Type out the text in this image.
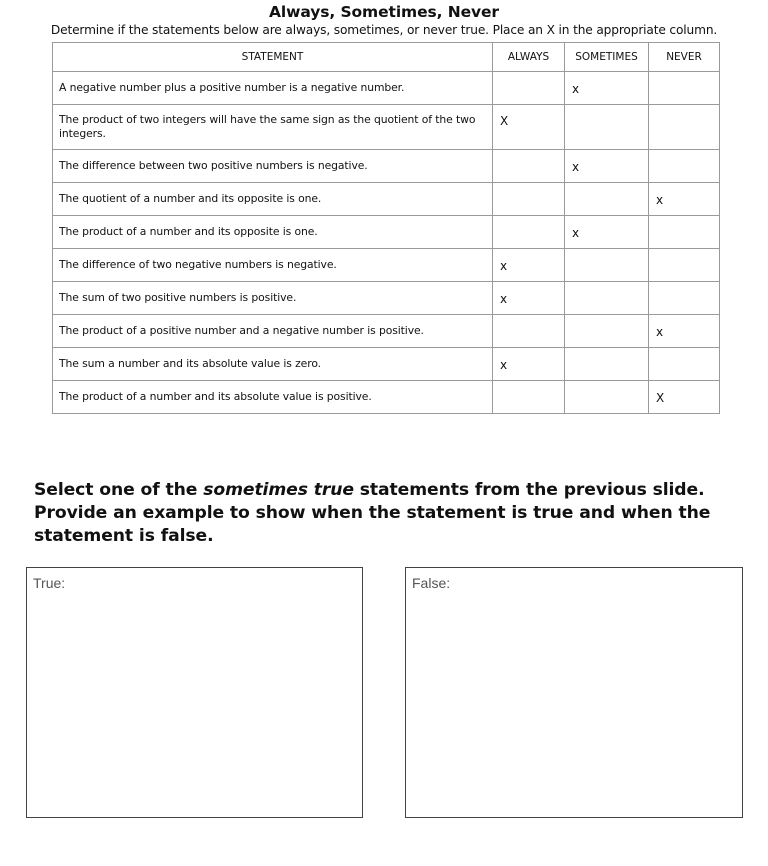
Always, Sometimes, Never
Determine if the statements below are always, sometimes, or never true. Place an X in the appropriate column.
STATEMENT	ALWAYS	SOMETIMES	NEVER
A negative number plus a positive number is a negative number.		x	
The product of two integers will have the same sign as the quotient of the two integers.	X		
The difference between two positive numbers is negative.		x	
The quotient of a number and its opposite is one.			x
The product of a number and its opposite is one.		x	
The difference of two negative numbers is negative.	x		
The sum of two positive numbers is positive.	x		
The product of a positive number and a negative number is positive.			x
The sum a number and its absolute value is zero.	x		
The product of a number and its absolute value is positive.			X
Select one of the sometimes true statements from the previous slide. Provide an example to show when the statement is true and when the statement is false.
True:	False:
